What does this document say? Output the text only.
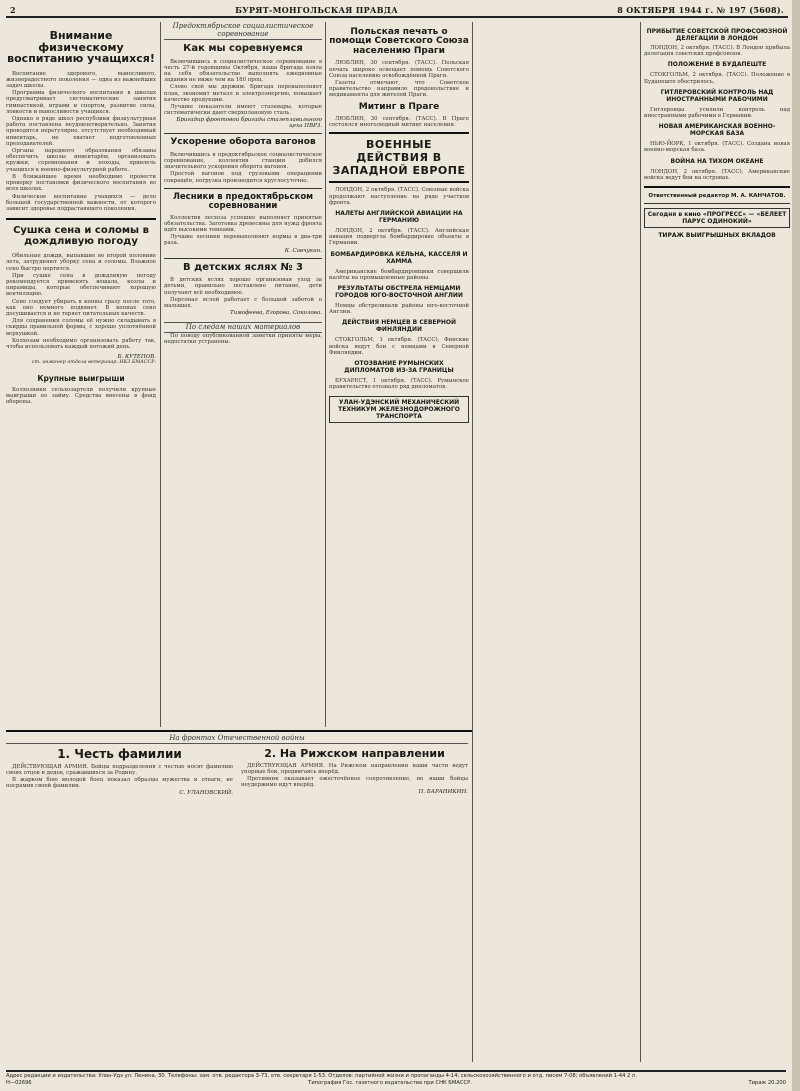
2	БУРЯТ-МОНГОЛЬСКАЯ ПРАВДА	8 ОКТЯБРЯ 1944 г. № 197 (5608).
Внимание физическому воспитанию учащихся!

Воспитание здорового, выносливого, жизнерадостного поколения — одна из важнейших задач школы.

Программа физического воспитания в школах предусматривает систематические занятия гимнастикой, играми и спортом, развитие силы, ловкости и выносливости учащихся.

Однако в ряде школ республики физкультурная работа поставлена неудовлетворительно. Занятия проводятся нерегулярно, отсутствует необходимый инвентарь, не хватает подготовленных преподавателей.

Органы народного образования обязаны обеспечить школы инвентарём, организовать кружки, соревнования и походы, привлечь учащихся к военно-физкультурной работе.

В ближайшее время необходимо провести проверку постановки физического воспитания во всех школах.

Физическое воспитание учащихся — дело большой государственной важности, от которого зависит здоровье подрастающего поколения.

Сушка сена и соломы в дождливую погоду

Обильные дожди, выпавшие во второй половине лета, затрудняют уборку сена и соломы. Влажное сено быстро портится.

При сушке сена в дождливую погоду рекомендуется применять вешала, козлы и пирамиды, которые обеспечивают хорошую вентиляцию.

Сено следует убирать в копны сразу после того, как оно немного подвянет. В копнах сено досушивается и не теряет питательных качеств.

Для сохранения соломы её нужно складывать в скирды правильной формы, с хорошо уплотнённой верхушкой.

Колхозам необходимо организовать работу так, чтобы использовать каждый погожий день.

Б. КУТЕПОВ.
ст. инженер отдела ветеринар. НКЗ БМАССР.
Крупные выигрыши

Колхозники сельхозартели получили крупные выигрыши по займу. Средства внесены в фонд обороны.

Предоктябрьское социалистическое соревнование
Как мы соревнуемся

Включившись в социалистическое соревнование в честь 27-й годовщины Октября, наша бригада взяла на себя обязательство выполнять ежедневные задания не ниже чем на 180 проц.

Слово своё мы держим. Бригада перевыполняет план, экономит металл и электроэнергию, повышает качество продукции.

Лучшие показатели имеют сталевары, которые систематически дают сверхплановую сталь.

Бригадир фронтовой бригады сталеплавильного цеха ПВРЗ.
Ускорение оборота вагонов

Включившись в предоктябрьское социалистическое соревнование, коллектив станции добился значительного ускорения оборота вагонов.

Простой вагонов под грузовыми операциями сокращён, погрузка производится круглосуточно.

Лесники в предоктябрьском соревновании

Коллектив лесхоза успешно выполняет принятые обязательства. Заготовка древесины для нужд фронта идёт высокими темпами.

Лучшие лесники перевыполняют нормы в два-три раза.

К. Савчукин.
В детских яслях № 3

В детских яслях хорошо организован уход за детьми, правильно поставлено питание, дети получают всё необходимое.

Персонал яслей работает с большой заботой о малышах.

Тимофеева, Егорова, Соколова.
По следам наших материалов

По поводу опубликованной заметки приняты меры, недостатки устранены.

Польская печать о помощи Советского Союза населению Праги

ЛЮБЛИН, 30 сентября. (ТАСС). Польская печать широко освещает помощь Советского Союза населению освобождённой Праги.

Газеты отмечают, что Советское правительство направило продовольствие и медикаменты для жителей Праги.

Митинг в Праге

ЛЮБЛИН, 30 сентября. (ТАСС). В Праге состоялся многолюдный митинг населения.

ВОЕННЫЕ ДЕЙСТВИЯ В ЗАПАДНОЙ ЕВРОПЕ

ЛОНДОН, 2 октября. (ТАСС). Союзные войска продолжают наступление на ряде участков фронта.

НАЛЕТЫ АНГЛИЙСКОЙ АВИАЦИИ НА ГЕРМАНИЮ

ЛОНДОН, 2 октября. (ТАСС). Английская авиация подвергла бомбардировке объекты в Германии.

БОМБАРДИРОВКА КЕЛЬНА, КАССЕЛЯ И ХАММА

Американские бомбардировщики совершили налёты на промышленные районы.

РЕЗУЛЬТАТЫ ОБСТРЕЛА НЕМЦАМИ ГОРОДОВ ЮГО-ВОСТОЧНОЙ АНГЛИИ

Немцы обстреливали районы юго-восточной Англии.

ДЕЙСТВИЯ НЕМЦЕВ В СЕВЕРНОЙ ФИНЛЯНДИИ

СТОКГОЛЬМ, 1 октября. (ТАСС). Финские войска ведут бои с немцами в Северной Финляндии.

ОТОЗВАНИЕ РУМЫНСКИХ ДИПЛОМАТОВ ИЗ-ЗА ГРАНИЦЫ

БУХАРЕСТ, 1 октября. (ТАСС). Румынское правительство отозвало ряд дипломатов.

УЛАН-УДЭНСКИЙ МЕХАНИЧЕСКИЙ ТЕХНИКУМ ЖЕЛЕЗНОДОРОЖНОГО ТРАНСПОРТА
ПРИБЫТИЕ СОВЕТСКОЙ ПРОФСОЮЗНОЙ ДЕЛЕГАЦИИ В ЛОНДОН

ЛОНДОН, 2 октября. (ТАСС). В Лондон прибыла делегация советских профсоюзов.

ПОЛОЖЕНИЕ В БУДАПЕШТЕ

СТОКГОЛЬМ, 2 октября. (ТАСС). Положение в Будапеште обострилось.

ГИТЛЕРОВСКИЙ КОНТРОЛЬ НАД ИНОСТРАННЫМИ РАБОЧИМИ

Гитлеровцы усилили контроль над иностранными рабочими в Германии.

НОВАЯ АМЕРИКАНСКАЯ ВОЕННО-МОРСКАЯ БАЗА

НЬЮ-ЙОРК, 1 октября. (ТАСС). Создана новая военно-морская база.

ВОЙНА НА ТИХОМ ОКЕАНЕ

ЛОНДОН, 2 октября. (ТАСС). Американские войска ведут бои на островах.

Ответственный редактор М. А. КАНЧАТОВ.
Сегодня в кино «ПРОГРЕСС» — «БЕЛЕЕТ ПАРУС ОДИНОКИЙ»
ТИРАЖ ВЫИГРЫШНЫХ ВКЛАДОВ
На фронтах Отечественной войны
1. Честь фамилии

ДЕЙСТВУЮЩАЯ АРМИЯ. Бойцы подразделения с честью носят фамилию своих отцов и дедов, сражавшихся за Родину.

В жарком бою молодой боец показал образцы мужества и отваги, не посрамив своей фамилии.

С. УЛАНОВСКИЙ.
2. На Рижском направлении

ДЕЙСТВУЮЩАЯ АРМИЯ. На Рижском направлении наши части ведут упорные бои, продвигаясь вперёд.

Противник оказывает ожесточённое сопротивление, но наши бойцы неудержимо идут вперёд.

П. БАРАНИКИН.
Адрес редакции и издательства: Улан-Удэ ул. Ленина, 30. Телефоны: зам. отв. редактора 3-73, отв. секретаря 1-53. Отделов: партийной жизни и пропаганды 4-14; сельскохозяйственного и отд. писем 7-08; объявлений 1-44 2 п.
Н—02696	Типография Гос. газетного издательства при СНК БМАССР.	Тираж 20.200
